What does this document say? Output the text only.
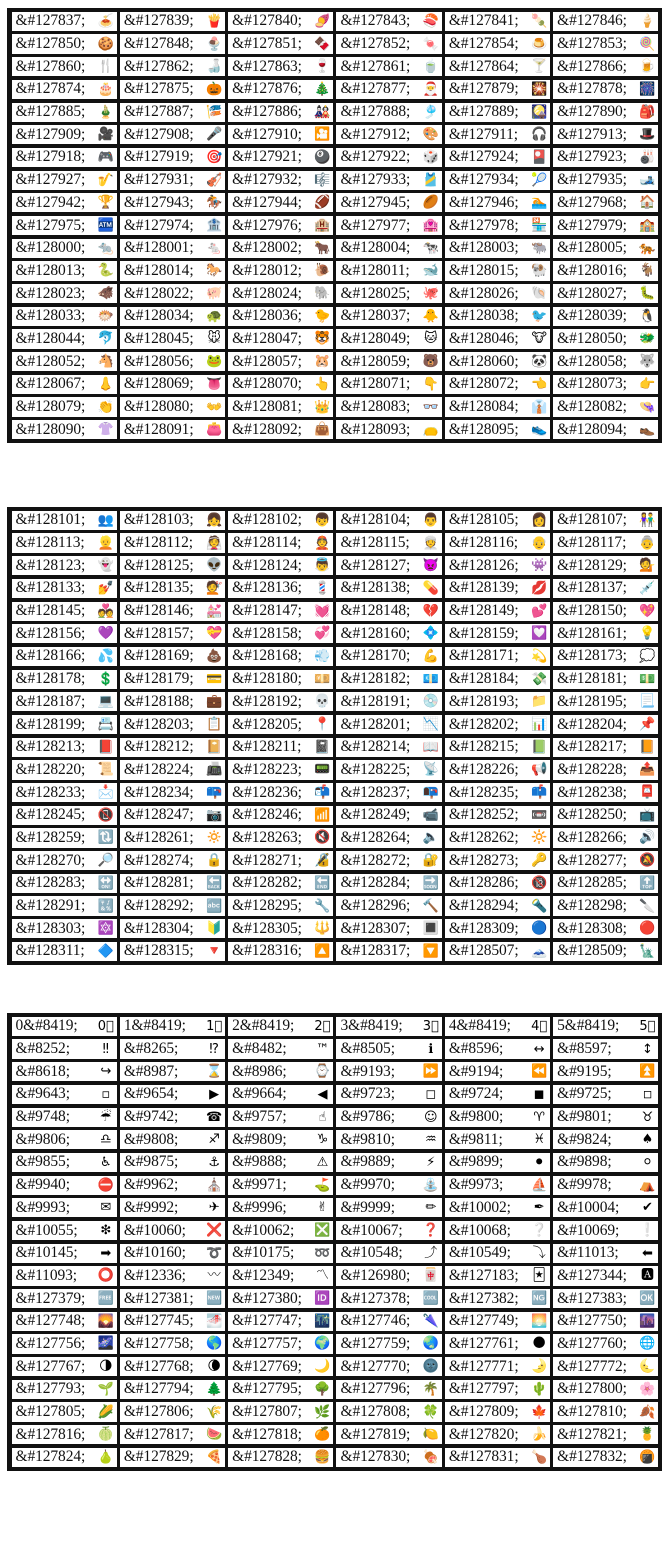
&#127837; 🍝 &#127839; 🍟 &#127840; 🍠 &#127843; 🍣 &#127841; 🍡 &#127846; 🍦
&#127850; 🍪 &#127848; 🍨 &#127851; 🍫 &#127852; 🍬 &#127854; 🍮 &#127853; 🍭
&#127860; 🍴 &#127862; 🍶 &#127863; 🍷 &#127861; 🍵 &#127864; 🍸 &#127866; 🍺
&#127874; 🎂 &#127875; 🎃 &#127876; 🎄 &#127877; 🎅 &#127879; 🎇 &#127878; 🎆
&#127885; 🎍 &#127887; 🎏 &#127886; 🎎 &#127888; 🎐 &#127889; 🎑 &#127890; 🎒
&#127909; 🎥 &#127908; 🎤 &#127910; 🎦 &#127912; 🎨 &#127911; 🎧 &#127913; 🎩
&#127918; 🎮 &#127919; 🎯 &#127921; 🎱 &#127922; 🎲 &#127924; 🎴 &#127923; 🎳
&#127927; 🎷 &#127931; 🎻 &#127932; 🎼 &#127933; 🎽 &#127934; 🎾 &#127935; 🎿
&#127942; 🏆 &#127943; 🏇 &#127944; 🏈 &#127945; 🏉 &#127946; 🏊 &#127968; 🏠
&#127975; 🏧 &#127974; 🏦 &#127976; 🏨 &#127977; 🏩 &#127978; 🏪 &#127979; 🏫
&#128000; 🐀 &#128001; 🐁 &#128002; 🐂 &#128004; 🐄 &#128003; 🐃 &#128005; 🐅
&#128013; 🐍 &#128014; 🐎 &#128012; 🐌 &#128011; 🐋 &#128015; 🐏 &#128016; 🐐
&#128023; 🐗 &#128022; 🐖 &#128024; 🐘 &#128025; 🐙 &#128026; 🐚 &#128027; 🐛
&#128033; 🐡 &#128034; 🐢 &#128036; 🐤 &#128037; 🐥 &#128038; 🐦 &#128039; 🐧
&#128044; 🐬 &#128045; 🐭 &#128047; 🐯 &#128049; 🐱 &#128046; 🐮 &#128050; 🐲
&#128052; 🐴 &#128056; 🐸 &#128057; 🐹 &#128059; 🐻 &#128060; 🐼 &#128058; 🐺
&#128067; 👃 &#128069; 👅 &#128070; 👆 &#128071; 👇 &#128072; 👈 &#128073; 👉
&#128079; 👏 &#128080; 👐 &#128081; 👑 &#128083; 👓 &#128084; 👔 &#128082; 👒
&#128090; 👚 &#128091; 👛 &#128092; 👜 &#128093; 👝 &#128095; 👟 &#128094; 👞
&#128101; 👥 &#128103; 👧 &#128102; 👦 &#128104; 👨 &#128105; 👩 &#128107; 👫
&#128113; 👱 &#128112; 👰 &#128114; 👲 &#128115; 👳 &#128116; 👴 &#128117; 👵
&#128123; 👻 &#128125; 👽 &#128124; 👼 &#128127; 👿 &#128126; 👾 &#128129; 💁
&#128133; 💅 &#128135; 💇 &#128136; 💈 &#128138; 💊 &#128139; 💋 &#128137; 💉
&#128145; 💑 &#128146; 💒 &#128147; 💓 &#128148; 💔 &#128149; 💕 &#128150; 💖
&#128156; 💜 &#128157; 💝 &#128158; 💞 &#128160; 💠 &#128159; 💟 &#128161; 💡
&#128166; 💦 &#128169; 💩 &#128168; 💨 &#128170; 💪 &#128171; 💫 &#128173; 💭
&#128178; 💲 &#128179; 💳 &#128180; 💴 &#128182; 💶 &#128184; 💸 &#128181; 💵
&#128187; 💻 &#128188; 💼 &#128192; 💀 &#128191; 💿 &#128193; 📁 &#128195; 📃
&#128199; 📇 &#128203; 📋 &#128205; 📍 &#128201; 📉 &#128202; 📊 &#128204; 📌
&#128213; 📕 &#128212; 📔 &#128211; 📓 &#128214; 📖 &#128215; 📗 &#128217; 📙
&#128220; 📜 &#128224; 📠 &#128223; 📟 &#128225; 📡 &#128226; 📢 &#128228; 📤
&#128233; 📩 &#128234; 📪 &#128236; 📬 &#128237; 📭 &#128235; 📫 &#128238; 📮
&#128245; 📵 &#128247; 📷 &#128246; 📶 &#128249; 📹 &#128252; 📼 &#128250; 📺
&#128259; 🔃 &#128261; 🔅 &#128263; 🔇 &#128264; 🔈 &#128262; 🔆 &#128266; 🔊
&#128270; 🔎 &#128274; 🔒 &#128271; 🔏 &#128272; 🔐 &#128273; 🔑 &#128277; 🔕
&#128283; 🔛 &#128281; 🔙 &#128282; 🔚 &#128284; 🔜 &#128286; 🔞 &#128285; 🔝
&#128291; 🔣 &#128292; 🔤 &#128295; 🔧 &#128296; 🔨 &#128294; 🔦 &#128298; 🔪
&#128303; 🔯 &#128304; 🔰 &#128305; 🔱 &#128307; 🔳 &#128309; 🔵 &#128308; 🔴
&#128311; 🔷 &#128315; 🔻 &#128316; 🔼 &#128317; 🔽 &#128507; 🗻 &#128509; 🗽
0&#8419; 0⃣ 1&#8419; 1⃣ 2&#8419; 2⃣ 3&#8419; 3⃣ 4&#8419; 4⃣ 5&#8419; 5⃣
&#8252;	‼ &#8265; ⁉ &#8482; ™ &#8505;	ℹ	&#8596; ↔ &#8597; ↕
&#8618; ↪ &#8987; ⌛ &#8986; ⌚ &#9193; ⏩ &#9194; ⏪ &#9195; ⏫
&#9643; ▫ &#9654; ▶ &#9664; ◀ &#9723; ◻ &#9724; ◼ &#9725; ◽
&#9748; ☔ &#9742; ☎ &#9757;	☝ &#9786; ☺ &#9800; ♈ &#9801; ♉
&#9806; ♎ &#9808; ♐ &#9809; ♑ &#9810; ♒ &#9811; ♓ &#9824; ♠
&#9855; ♿ &#9875; ⚓ &#9888; ⚠ &#9889; ⚡ &#9899; ⚫ &#9898; ⚪
&#9940; ⛔ &#9962; ⛪ &#9971; ⛳ &#9970; ⛲ &#9973; ⛵ &#9978; ⛺
&#9993; ✉ &#9992; ✈ &#9996; ✌ &#9999; ✏ &#10002; ✒ &#10004; ✔
&#10055; ❇ &#10060; ❌ &#10062; ❎ &#10067; ❓ &#10068; ❔ &#10069; ❕
&#10145; ➡ &#10160; ➰ &#10175; ➿ &#10548; ⤴ &#10549; ⤵ &#11013; ⬅
&#11093; ⭕ &#12336; 〰 &#12349; 〽 &#126980; 🀄 &#127183; 🃏 &#127344; 🅰
&#127379; 🆓 &#127381; 🆕 &#127380; 🆔 &#127378; 🆒 &#127382; 🆖 &#127383; 🆗
&#127748; 🌄 &#127745; 🌁 &#127747; 🌃 &#127746; 🌂 &#127749; 🌅 &#127750; 🌆
&#127756; 🌌 &#127758; 🌎 &#127757; 🌍 &#127759; 🌏 &#127761; 🌑 &#127760; 🌐
&#127767; 🌗 &#127768; 🌘 &#127769; 🌙 &#127770; 🌚 &#127771; 🌛 &#127772; 🌜
&#127793; 🌱 &#127794; 🌲 &#127795; 🌳 &#127796; 🌴 &#127797; 🌵 &#127800; 🌸
&#127805; 🌽 &#127806; 🌾 &#127807; 🌿 &#127808; 🍀 &#127809; 🍁 &#127810; 🍂
&#127816; 🍈 &#127817; 🍉 &#127818; 🍊 &#127819; 🍋 &#127820; 🍌 &#127821; 🍍
&#127824; 🍐 &#127829; 🍕 &#127828; 🍔 &#127830; 🍖 &#127831; 🍗 &#127832; 🍘
